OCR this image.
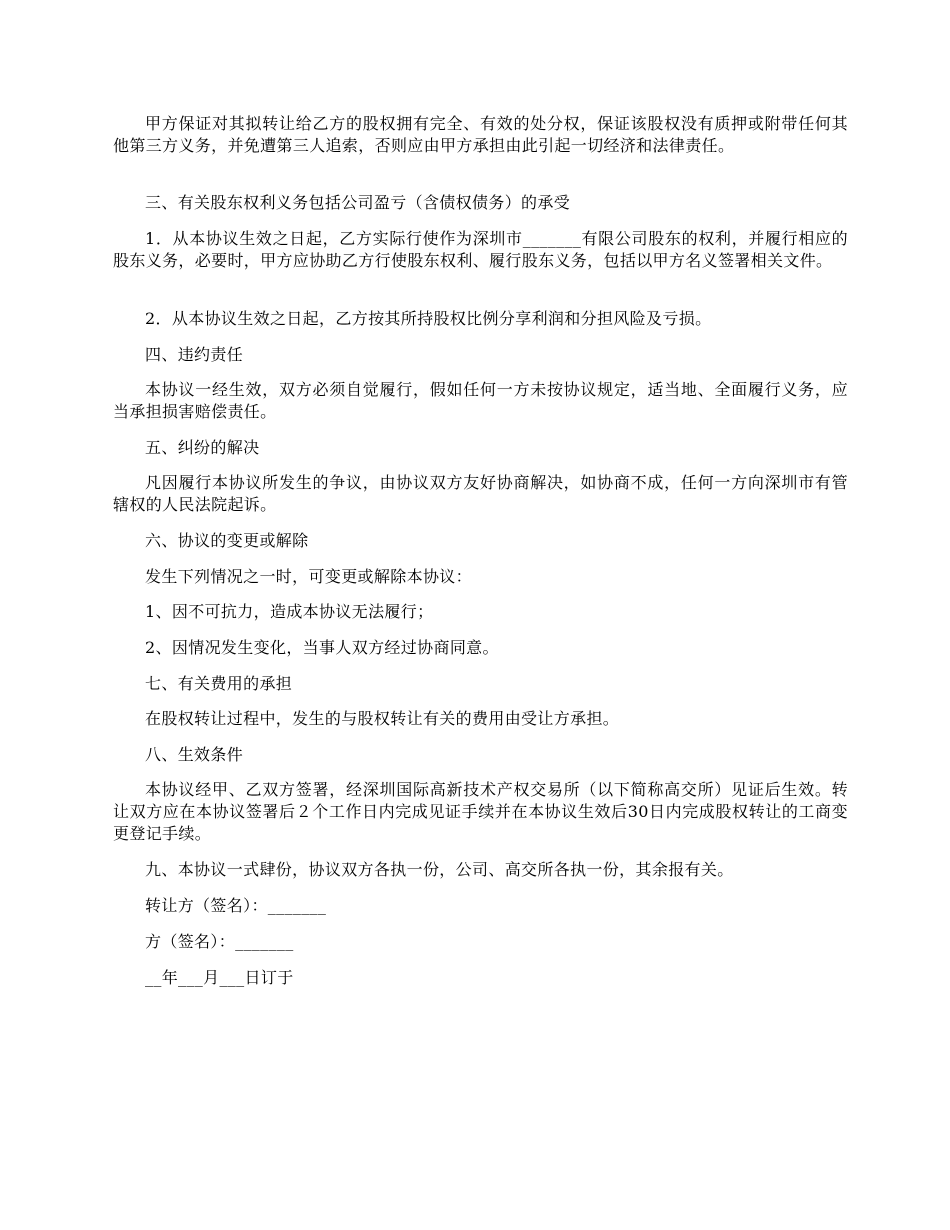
甲方保证对其拟转让给乙方的股权拥有完全、有效的处分权，保证该股权没有质押或附带任何其他第三方义务，并免遭第三人追索，否则应由甲方承担由此引起一切经济和法律责任。

三、有关股东权利义务包括公司盈亏（含债权债务）的承受

1．从本协议生效之日起，乙方实际行使作为深圳市_______有限公司股东的权利，并履行相应的股东义务，必要时，甲方应协助乙方行使股东权利、履行股东义务，包括以甲方名义签署相关文件。

2．从本协议生效之日起，乙方按其所持股权比例分享利润和分担风险及亏损。

四、违约责任

本协议一经生效，双方必须自觉履行，假如任何一方未按协议规定，适当地、全面履行义务，应当承担损害赔偿责任。

五、纠纷的解决

凡因履行本协议所发生的争议，由协议双方友好协商解决，如协商不成，任何一方向深圳市有管辖权的人民法院起诉。

六、协议的变更或解除

发生下列情况之一时，可变更或解除本协议：

1、因不可抗力，造成本协议无法履行；

2、因情况发生变化，当事人双方经过协商同意。

七、有关费用的承担

在股权转让过程中，发生的与股权转让有关的费用由受让方承担。

八、生效条件

本协议经甲、乙双方签署，经深圳国际高新技术产权交易所（以下简称高交所）见证后生效。转让双方应在本协议签署后２个工作日内完成见证手续并在本协议生效后30日内完成股权转让的工商变更登记手续。

九、本协议一式肆份，协议双方各执一份，公司、高交所各执一份，其余报有关。

转让方（签名）：_______

方（签名）：_______

__年___月___日订于
